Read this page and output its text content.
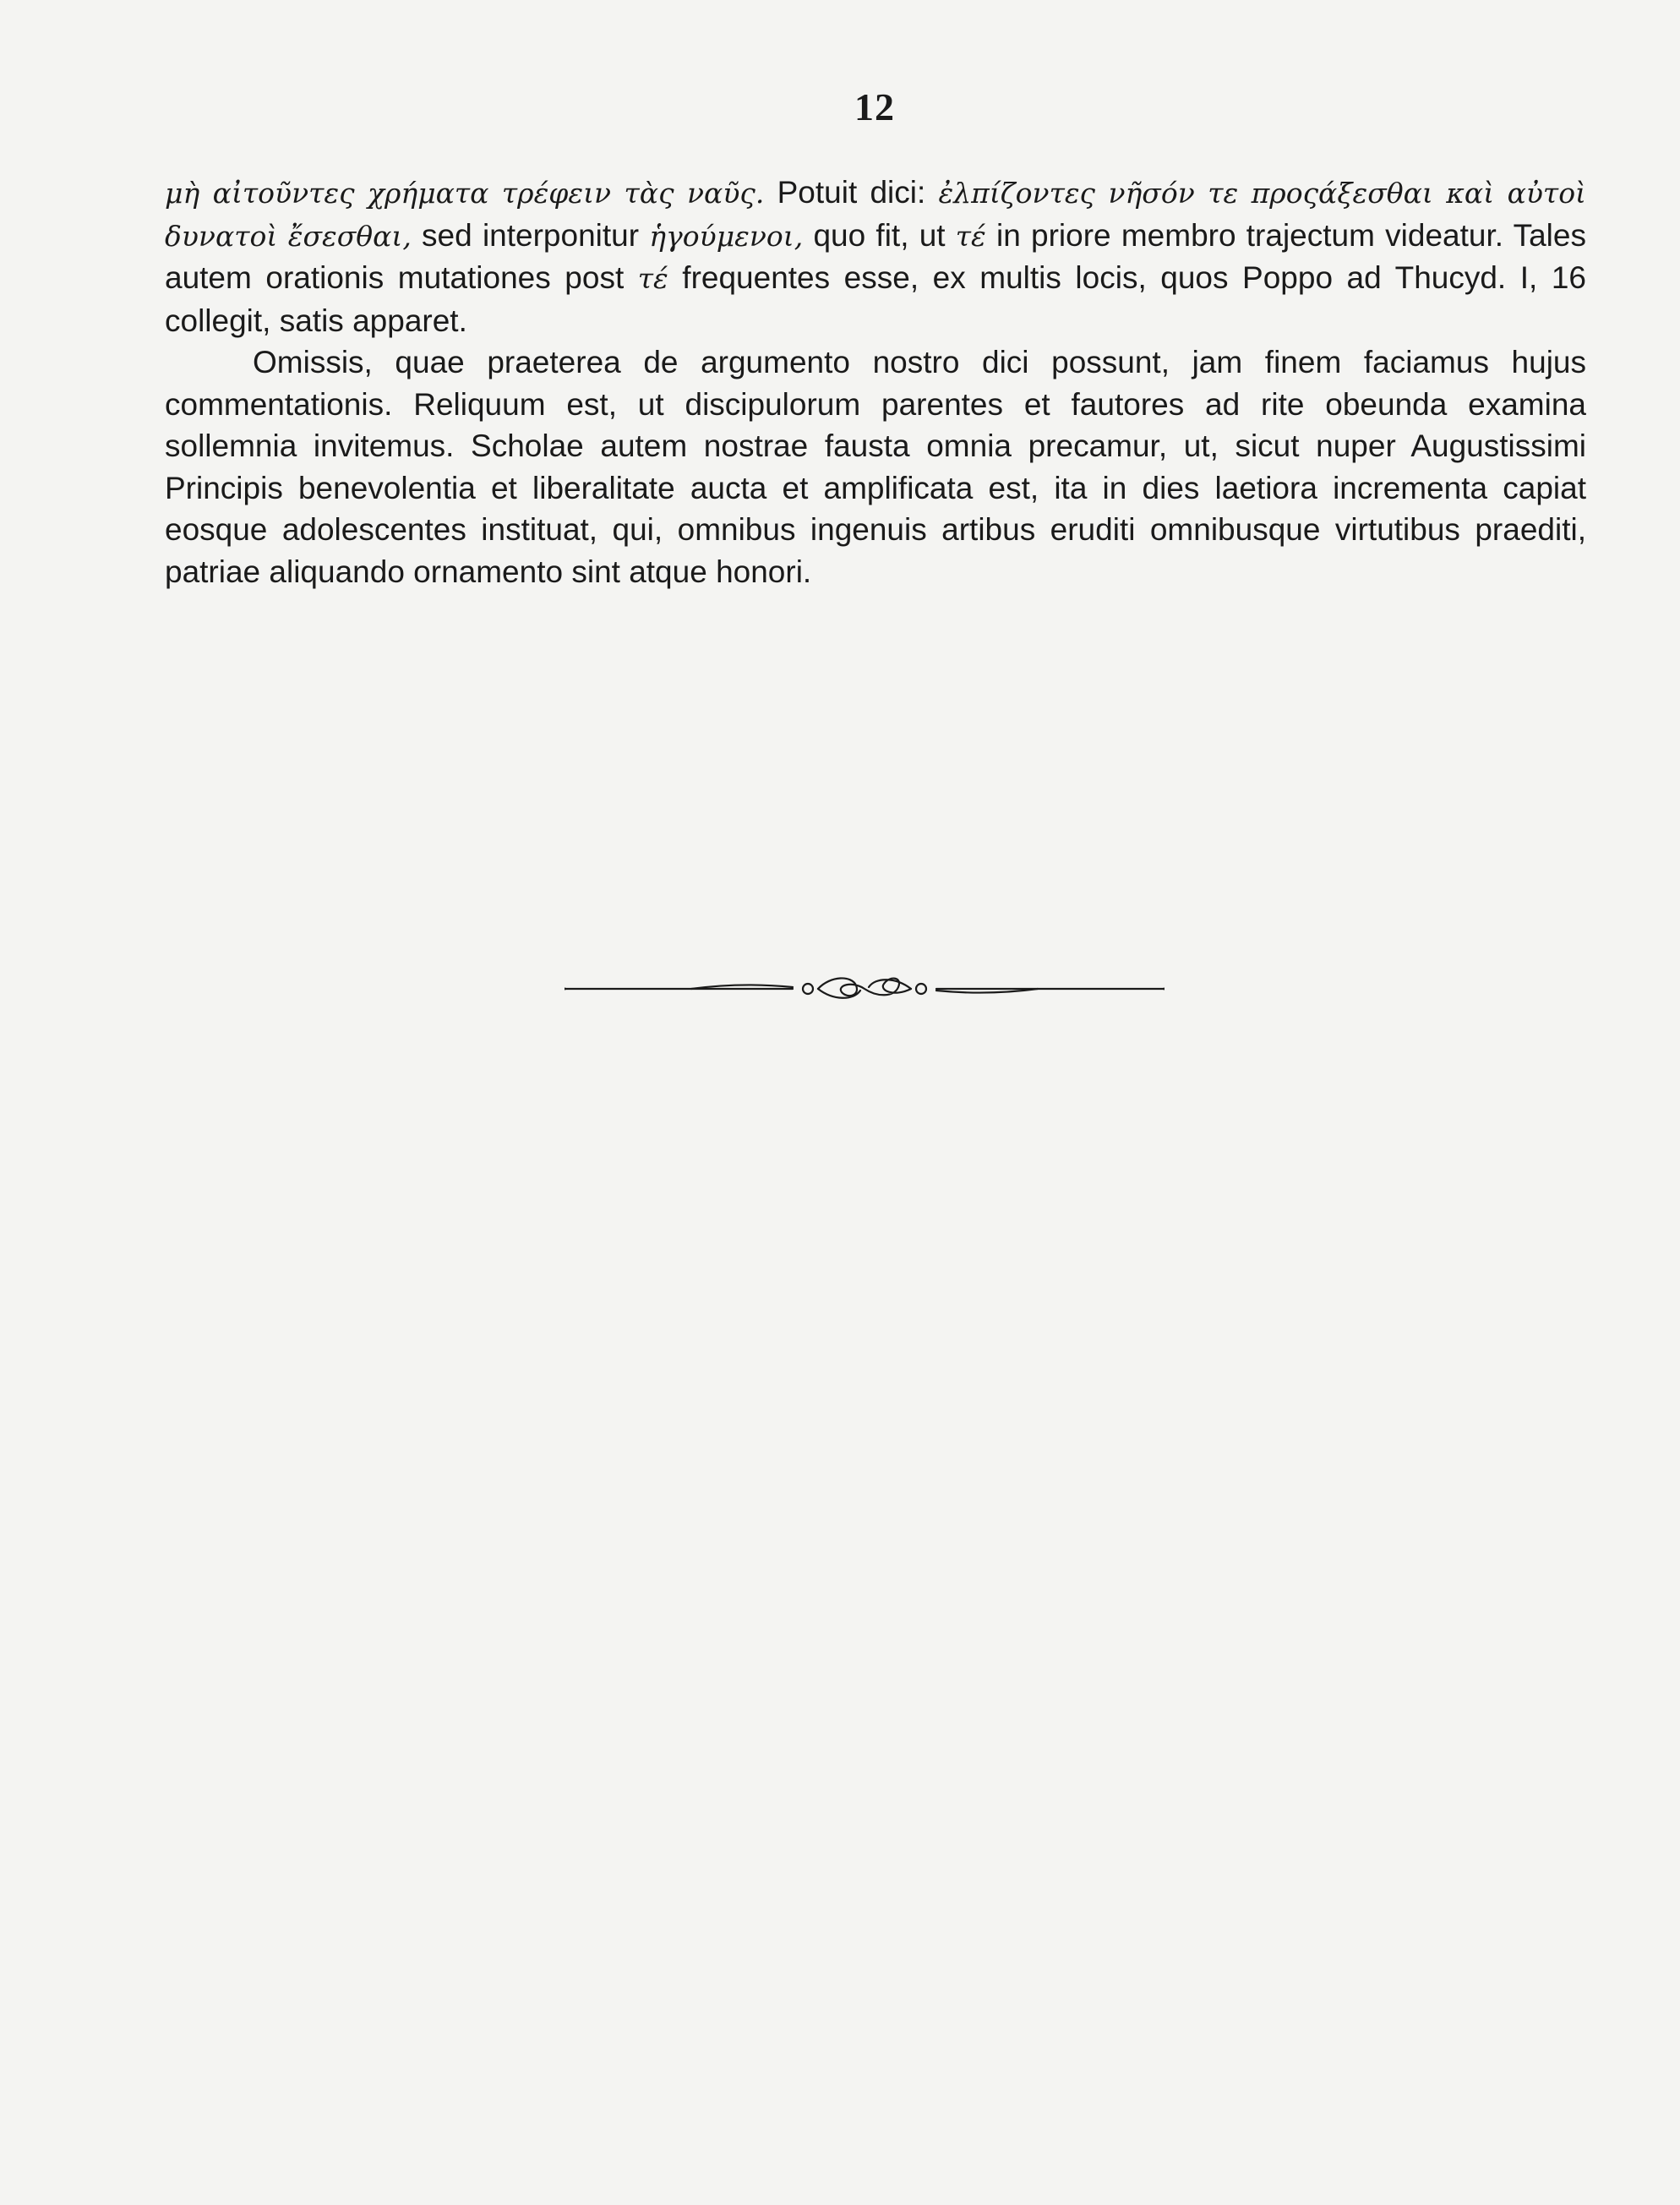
12

μὴ αἰτοῦντες χρήματα τρέφειν τὰς ναῦς. Potuit dici: ἐλπίζοντες νῆσόν τε προςάξεσθαι καὶ αὐτοὶ δυνατοὶ ἔσεσθαι, sed interponitur ἡγούμενοι, quo fit, ut τέ in priore membro trajectum videatur. Tales autem orationis mutationes post τέ frequentes esse, ex multis locis, quos Poppo ad Thucyd. I, 16 collegit, satis apparet.

Omissis, quae praeterea de argumento nostro dici possunt, jam finem faciamus hujus commentationis. Reliquum est, ut discipulorum parentes et fautores ad rite obeunda examina sollemnia invitemus. Scholae autem nostrae fausta omnia precamur, ut, sicut nuper Augustissimi Principis benevolentia et liberalitate aucta et amplificata est, ita in dies laetiora incrementa capiat eosque adolescentes instituat, qui, omnibus ingenuis artibus eruditi omnibusque virtutibus praediti, patriae aliquando ornamento sint atque honori.
